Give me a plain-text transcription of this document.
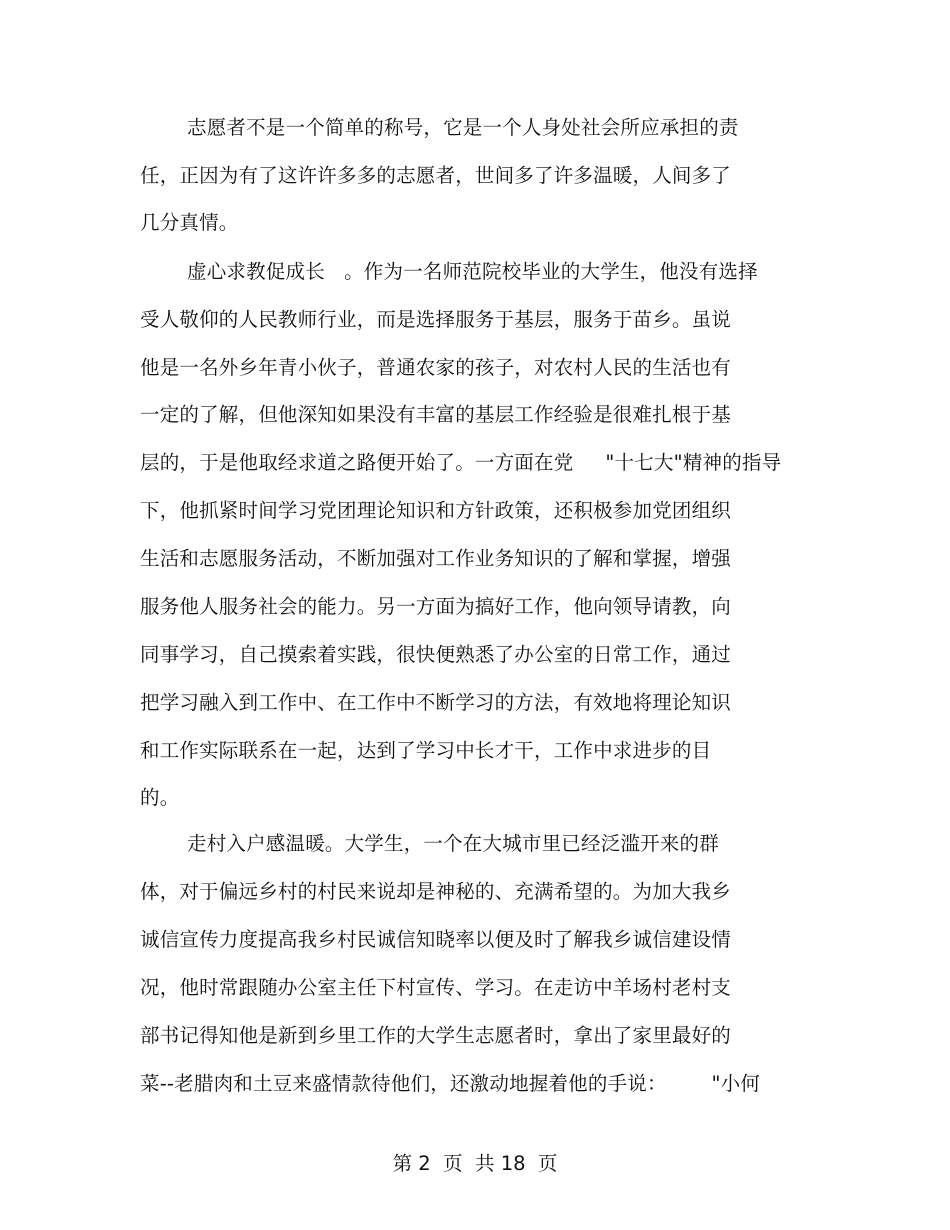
志愿者不是一个简单的称号，它是一个人身处社会所应承担的责
任，正因为有了这许许多多的志愿者，世间多了许多温暖，人间多了
几分真情。
虚心求教促成长   。作为一名师范院校毕业的大学生，他没有选择
受人敬仰的人民教师行业，而是选择服务于基层，服务于苗乡。虽说
他是一名外乡年青小伙子，普通农家的孩子，对农村人民的生活也有
一定的了解，但他深知如果没有丰富的基层工作经验是很难扎根于基
层的，于是他取经求道之路便开始了。一方面在党     "十七大"精神的指导
下，他抓紧时间学习党团理论知识和方针政策，还积极参加党团组织
生活和志愿服务活动，不断加强对工作业务知识的了解和掌握，增强
服务他人服务社会的能力。另一方面为搞好工作，他向领导请教，向
同事学习，自己摸索着实践，很快便熟悉了办公室的日常工作，通过
把学习融入到工作中、在工作中不断学习的方法，有效地将理论知识
和工作实际联系在一起，达到了学习中长才干，工作中求进步的目
的。
走村入户感温暖。大学生，一个在大城市里已经泛滥开来的群
体，对于偏远乡村的村民来说却是神秘的、充满希望的。为加大我乡
诚信宣传力度提高我乡村民诚信知晓率以便及时了解我乡诚信建设情
况，他时常跟随办公室主任下村宣传、学习。在走访中羊场村老村支
部书记得知他是新到乡里工作的大学生志愿者时，拿出了家里最好的
菜--老腊肉和土豆来盛情款待他们，还激动地握着他的手说：       "小何
第 2  页  共 18  页
